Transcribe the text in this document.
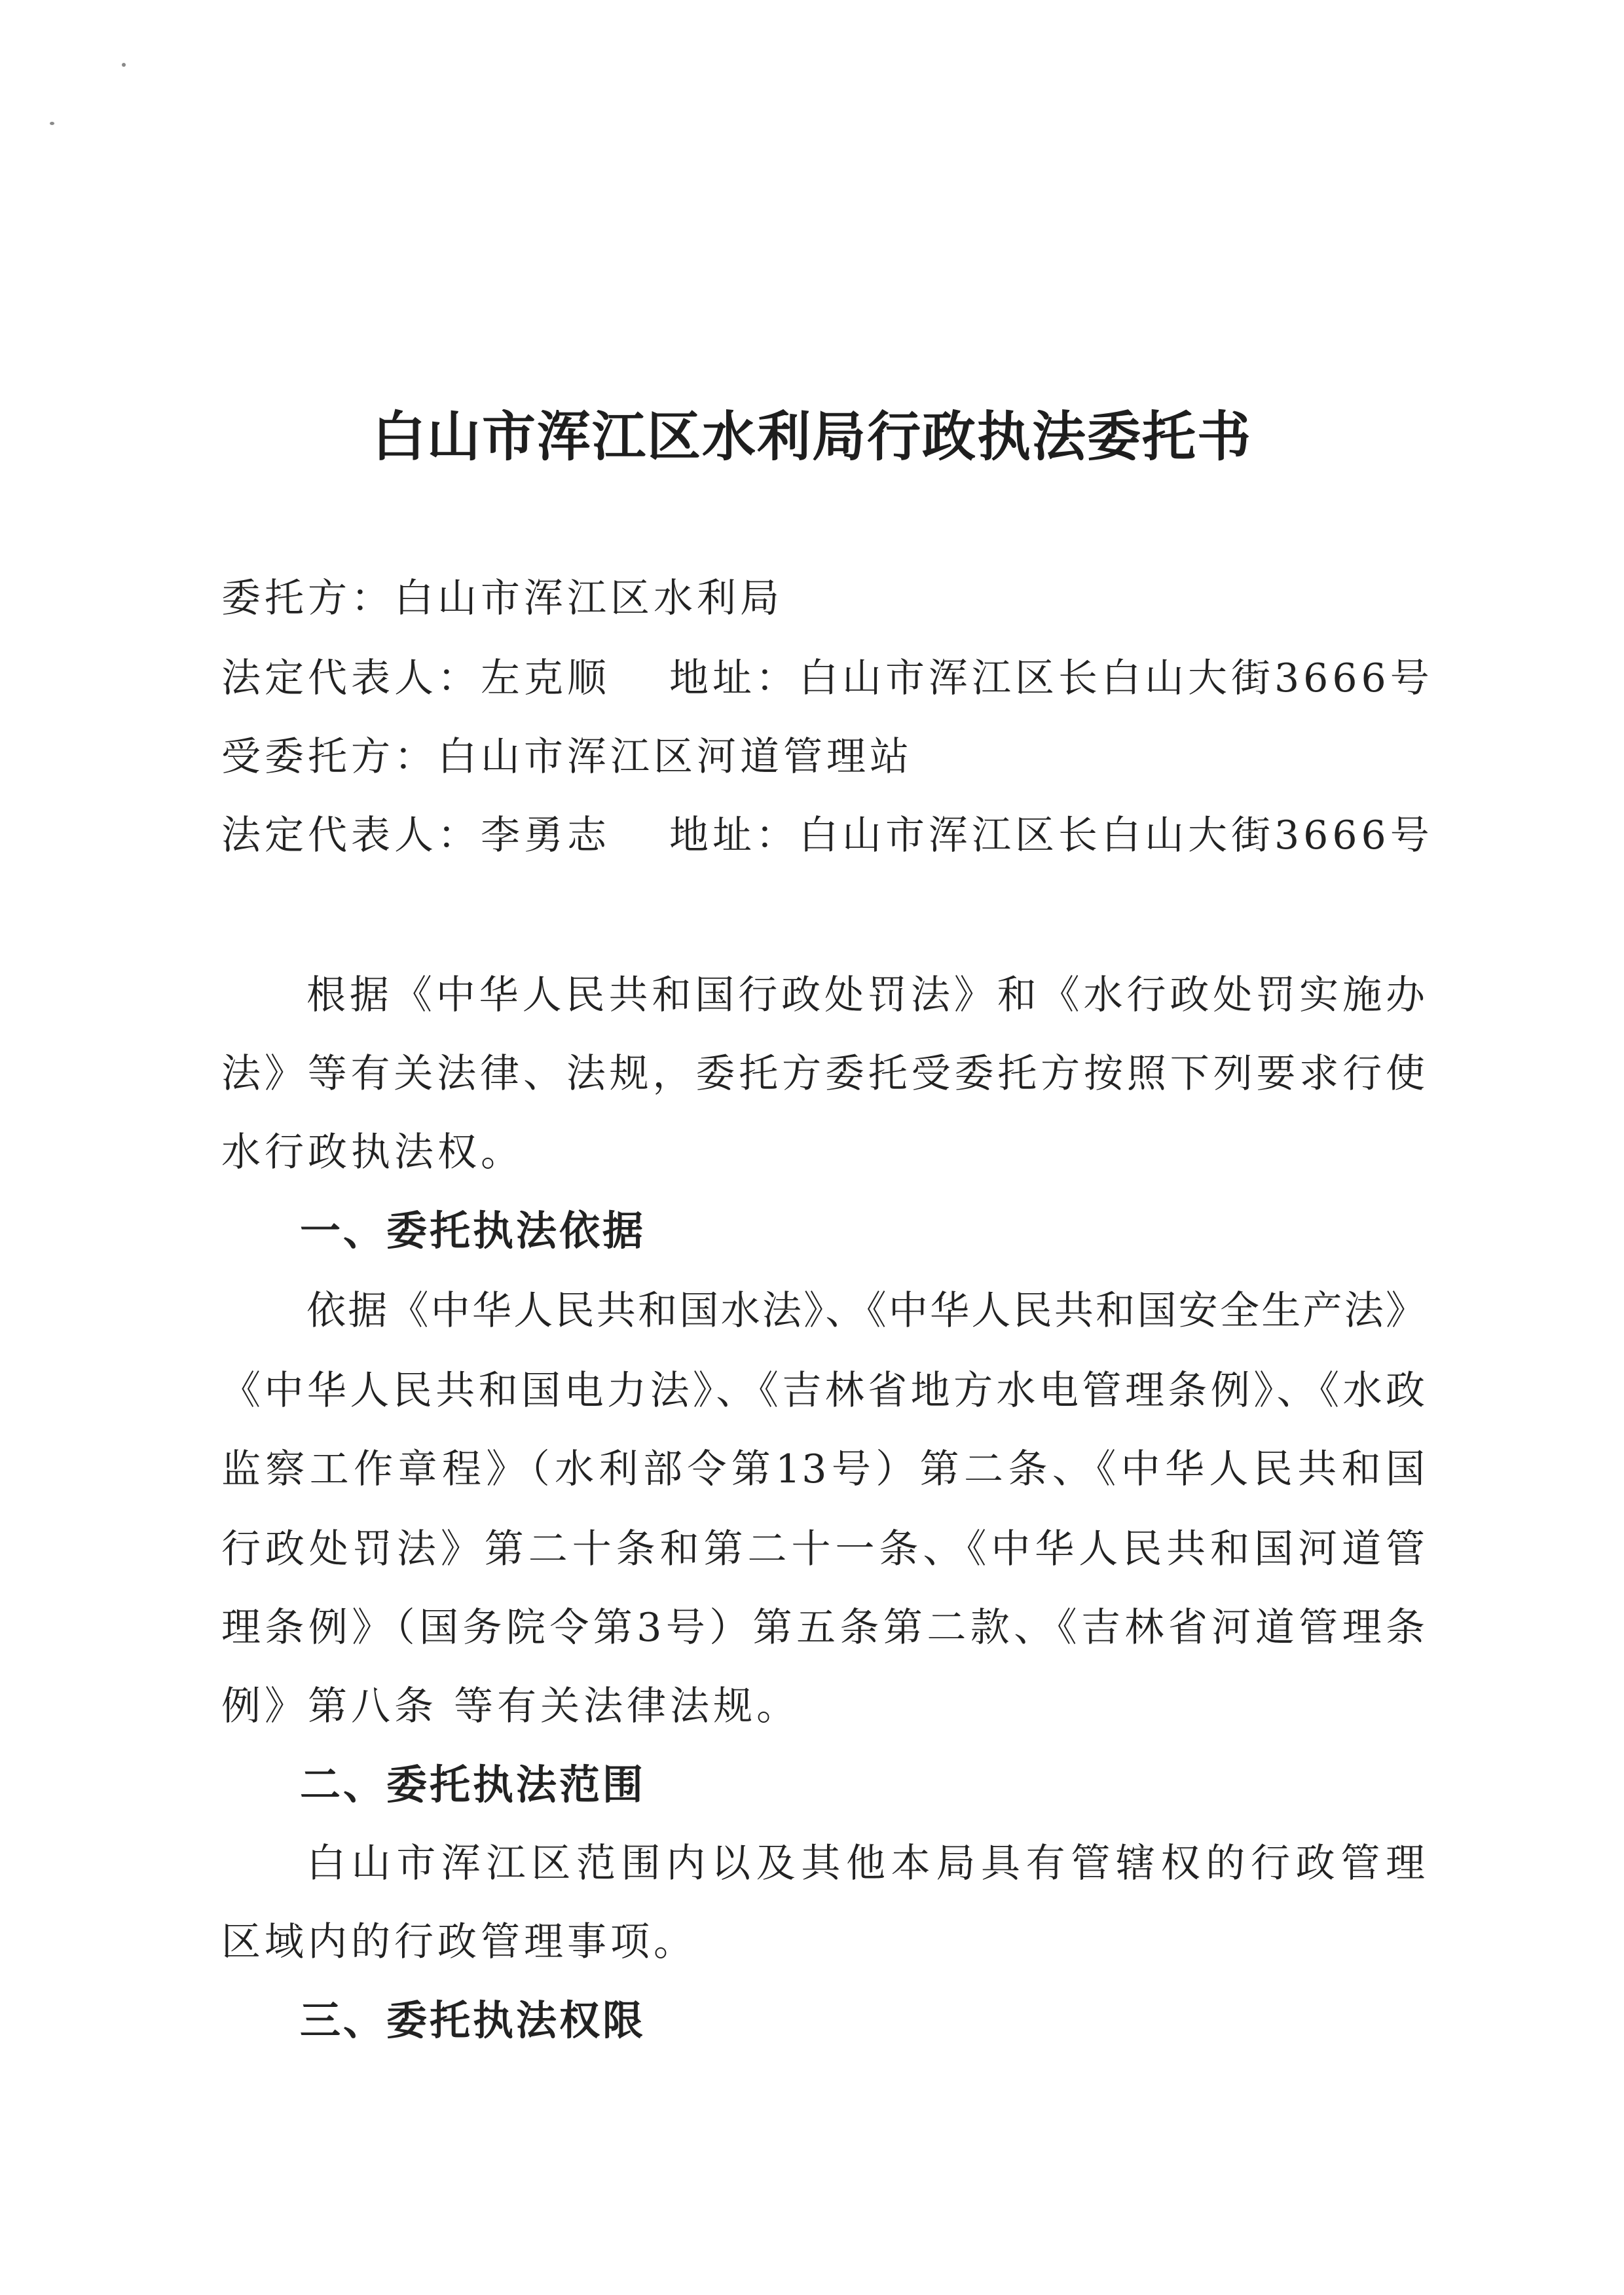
白山市浑江区水利局行政执法委托书

委托方：白山市浑江区水利局

法定代表人：左克顺 地址：白山市浑江区长白山大街3666号

受委托方：白山市浑江区河道管理站

法定代表人：李勇志 地址：白山市浑江区长白山大街3666号

根据《中华人民共和国行政处罚法》和《水行政处罚实施办

法》等有关法律、法规，委托方委托受委托方按照下列要求行使

水行政执法权。

一、委托执法依据

依据《中华人民共和国水法》、《中华人民共和国安全生产法》

《中华人民共和国电力法》、《吉林省地方水电管理条例》、《水政

监察工作章程》（水利部令第13号）第二条、《中华人民共和国

行政处罚法》第二十条和第二十一条、《中华人民共和国河道管

理条例》（国务院令第3号）第五条第二款、《吉林省河道管理条

例》第八条 等有关法律法规。

二、委托执法范围

白山市浑江区范围内以及其他本局具有管辖权的行政管理

区域内的行政管理事项。

三、委托执法权限
